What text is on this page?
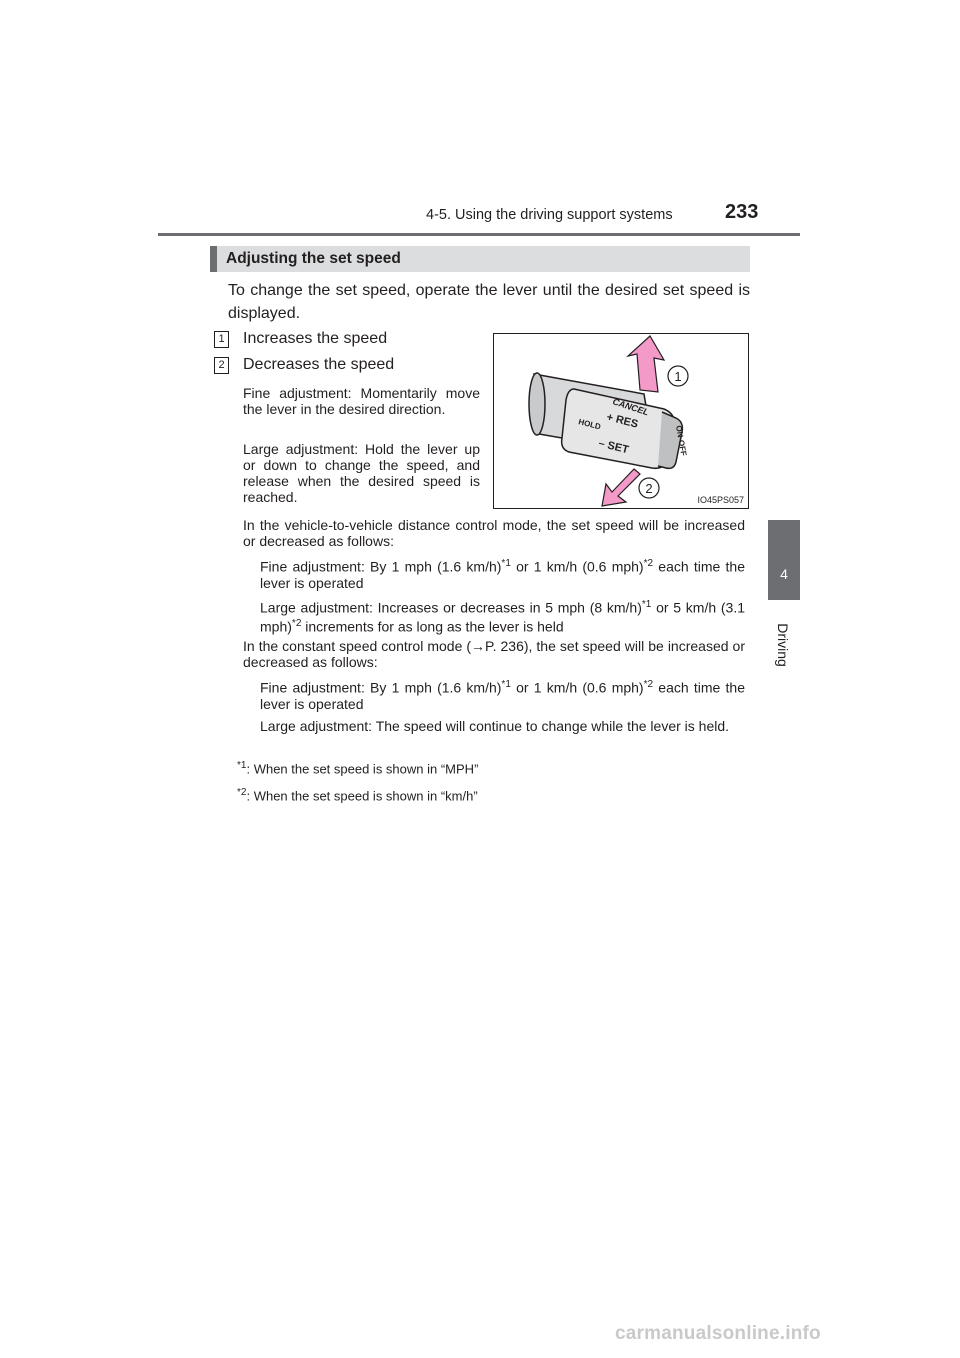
4-5. Using the driving support systems	233
4
Driving
Adjusting the set speed
To change the set speed, operate the lever until the desired set speed is displayed.
1 Increases the speed
2 Decreases the speed
Fine adjustment: Momentarily move the lever in the desired direction.
Large adjustment: Hold the lever up or down to change the speed, and release when the desired speed is reached.
CANCEL
+ RES
HOLD
– SET	ON-OFF
1
2
IO45PS057
In the vehicle-to-vehicle distance control mode, the set speed will be increased or decreased as follows:
Fine adjustment: By 1 mph (1.6 km/h)$^{*1}$ or 1 km/h (0.6 mph)$^{*2}$ each time the lever is operated
Large adjustment: Increases or decreases in 5 mph (8 km/h)$^{*1}$ or 5 km/h (3.1 mph)$^{*2}$ increments for as long as the lever is held
In the constant speed control mode (→P. 236), the set speed will be increased or decreased as follows:
Fine adjustment: By 1 mph (1.6 km/h)$^{*1}$ or 1 km/h (0.6 mph)$^{*2}$ each time the lever is operated
Large adjustment: The speed will continue to change while the lever is held.
$^{*1}$: When the set speed is shown in “MPH”
$^{*2}$: When the set speed is shown in “km/h”
carmanualsonline.info
